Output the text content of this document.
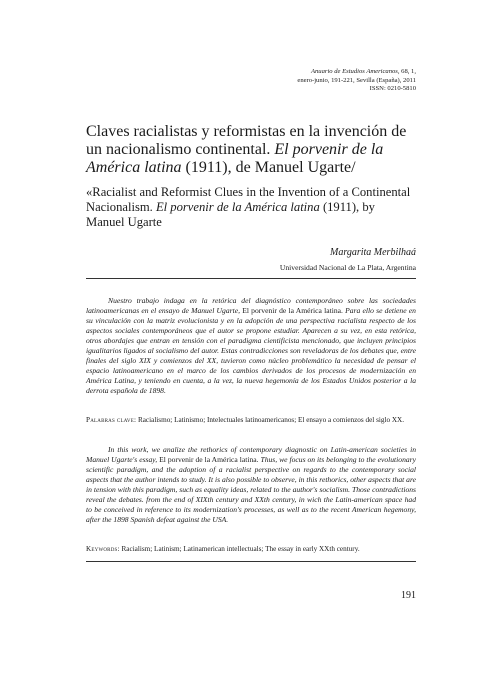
Anuario de Estudios Americanos, 68, 1,
enero-junio, 191-221, Sevilla (España), 2011
ISSN: 0210-5810
Claves racialistas y reformistas en la invención de un nacionalismo continental. El porvenir de la América latina (1911), de Manuel Ugarte/
«Racialist and Reformist Clues in the Invention of a Continental Nacionalism. El porvenir de la América latina (1911), by Manuel Ugarte
Margarita Merbilhaá
Universidad Nacional de La Plata, Argentina

Nuestro trabajo indaga en la retórica del diagnóstico contemporáneo sobre las sociedades latinoamericanas en el ensayo de Manuel Ugarte, El porvenir de la América latina. Para ello se detiene en su vinculación con la matriz evolucionista y en la adopción de una perspectiva racialista respecto de los aspectos sociales contemporáneos que el autor se propone estudiar. Aparecen a su vez, en esta retórica, otros abordajes que entran en tensión con el paradigma cientificista mencionado, que incluyen principios igualitarios ligados al socialismo del autor. Estas contradicciones son reveladoras de los debates que, entre finales del siglo XIX y comienzos del XX, tuvieron como núcleo problemático la necesidad de pensar el espacio latinoamericano en el marco de los cambios derivados de los procesos de modernización en América Latina, y teniendo en cuenta, a la vez, la nueva hegemonía de los Estados Unidos posterior a la derrota española de 1898.

Palabras clave: Racialismo; Latinismo; Intelectuales latinoamericanos; El ensayo a comienzos del siglo XX.

In this work, we analize the rethorics of contemporary diagnostic on Latin-american societies in Manuel Ugarte's essay, El porvenir de la América latina. Thus, we focus on its belonging to the evolutionary scientific paradigm, and the adoption of a racialist perspective on regards to the contemporary social aspects that the author intends to study. It is also possible to observe, in this rethorics, other aspects that are in tension with this paradigm, such as equality ideas, related to the author's socialism. Those contradictions reveal the debates. from the end of XIXth century and XXth century, in wich the Latin-american space had to be conceived in reference to its modernization's processes, as well as to the recent American hegemony, after the 1898 Spanish defeat against the USA.

Keywords: Racialism; Latinism; Latinamerican intellectuals; The essay in early XXth century.
191
